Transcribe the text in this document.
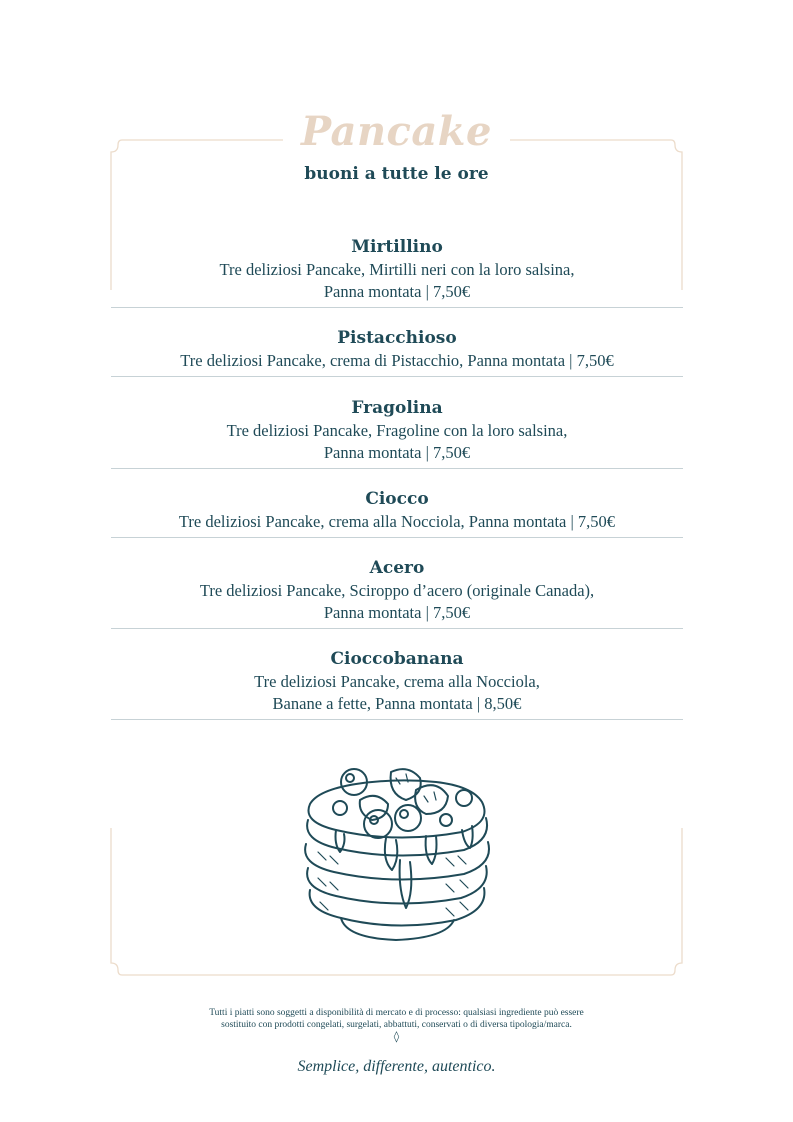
Pancake
buoni a tutte le ore
Mirtillino
Tre deliziosi Pancake, Mirtilli neri con la loro salsina,
Panna montata | 7,50€
Pistacchioso
Tre deliziosi Pancake, crema di Pistacchio, Panna montata | 7,50€
Fragolina
Tre deliziosi Pancake, Fragoline con la loro salsina,
Panna montata | 7,50€
Ciocco
Tre deliziosi Pancake, crema alla Nocciola, Panna montata | 7,50€
Acero
Tre deliziosi Pancake, Sciroppo d’acero (originale Canada),
Panna montata | 7,50€
Cioccobanana
Tre deliziosi Pancake, crema alla Nocciola,
Banane a fette, Panna montata | 8,50€
Tutti i piatti sono soggetti a disponibilità di mercato e di processo: qualsiasi ingrediente può essere
sostituito con prodotti congelati, surgelati, abbattuti, conservati o di diversa tipologia/marca.
◊
Semplice, differente, autentico.
